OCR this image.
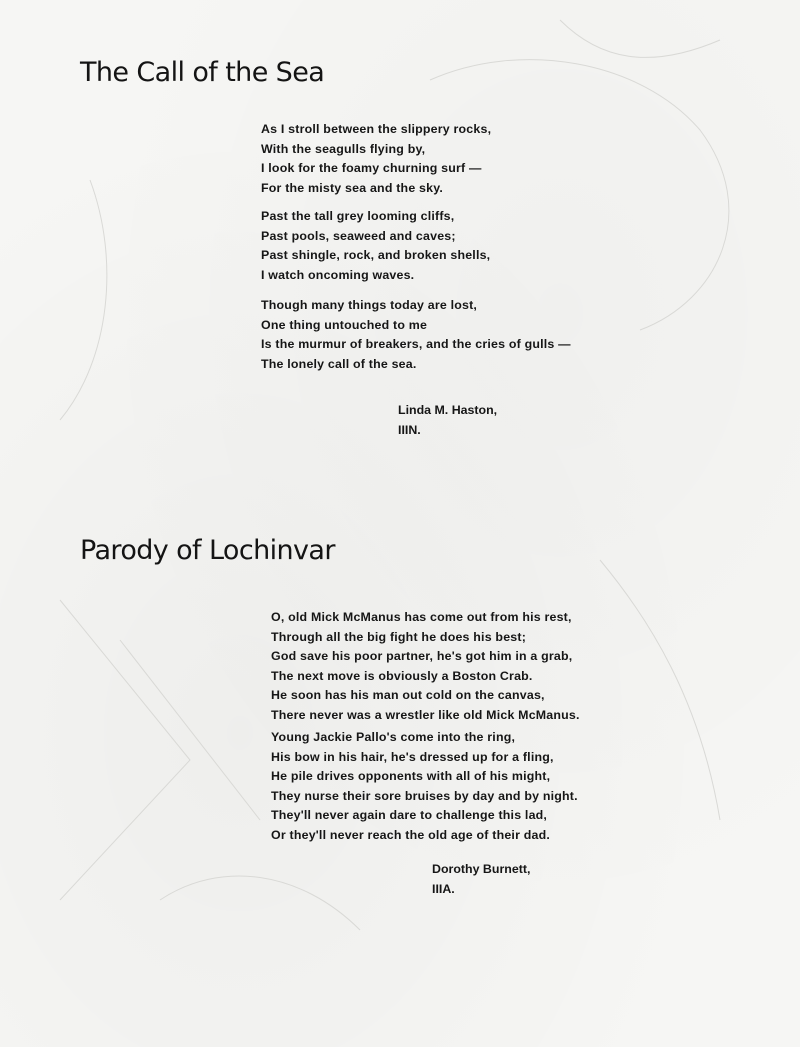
The Call of the Sea
As I stroll between the slippery rocks,
With the seagulls flying by,
I look for the foamy churning surf —
For the misty sea and the sky.
Past the tall grey looming cliffs,
Past pools, seaweed and caves;
Past shingle, rock, and broken shells,
I watch oncoming waves.
Though many things today are lost,
One thing untouched to me
Is the murmur of breakers, and the cries of gulls —
The lonely call of the sea.
Linda M. Haston,
IIIN.
Parody of Lochinvar
O, old Mick McManus has come out from his rest,
Through all the big fight he does his best;
God save his poor partner, he's got him in a grab,
The next move is obviously a Boston Crab.
He soon has his man out cold on the canvas,
There never was a wrestler like old Mick McManus.
Young Jackie Pallo's come into the ring,
His bow in his hair, he's dressed up for a fling,
He pile drives opponents with all of his might,
They nurse their sore bruises by day and by night.
They'll never again dare to challenge this lad,
Or they'll never reach the old age of their dad.
Dorothy Burnett,
IIIA.
